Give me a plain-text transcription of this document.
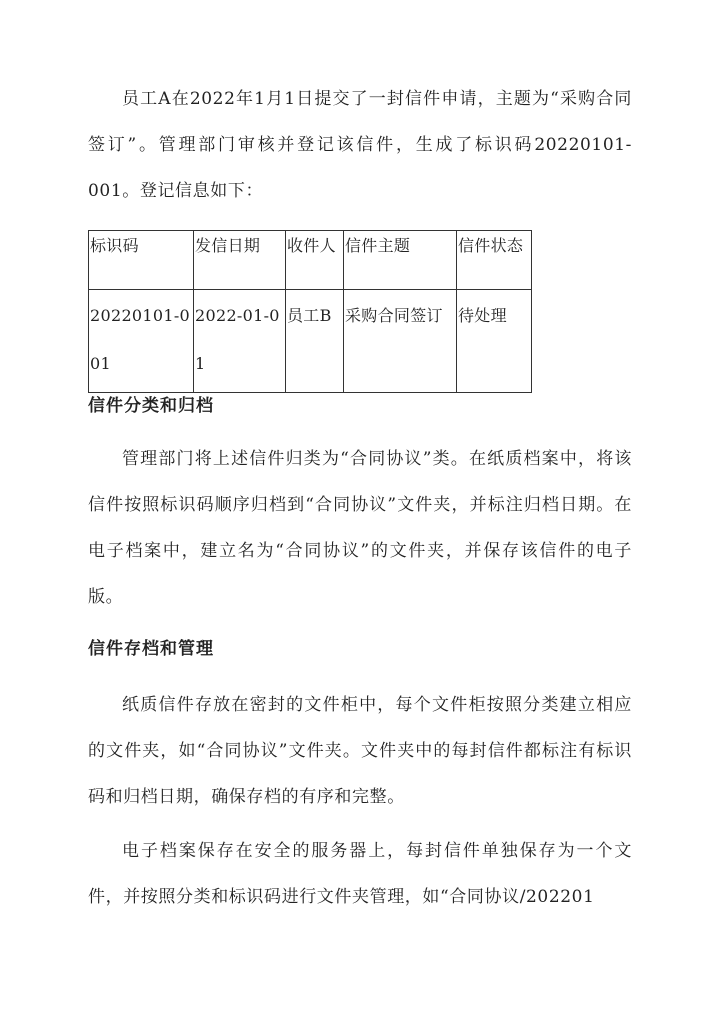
员工A在2022年1月1日提交了一封信件申请，主题为“采购合同签订”。管理部门审核并登记该信件，生成了标识码20220101-001。登记信息如下：

标识码	发信日期	收件人	信件主题	信件状态
20220101-001	2022-01-01	员工B	采购合同签订	待处理
信件分类和归档

管理部门将上述信件归类为“合同协议”类。在纸质档案中，将该信件按照标识码顺序归档到“合同协议”文件夹，并标注归档日期。在电子档案中，建立名为“合同协议”的文件夹，并保存该信件的电子版。

信件存档和管理

纸质信件存放在密封的文件柜中，每个文件柜按照分类建立相应的文件夹，如“合同协议”文件夹。文件夹中的每封信件都标注有标识码和归档日期，确保存档的有序和完整。

电子档案保存在安全的服务器上，每封信件单独保存为一个文件，并按照分类和标识码进行文件夹管理，如“合同协议/202201
